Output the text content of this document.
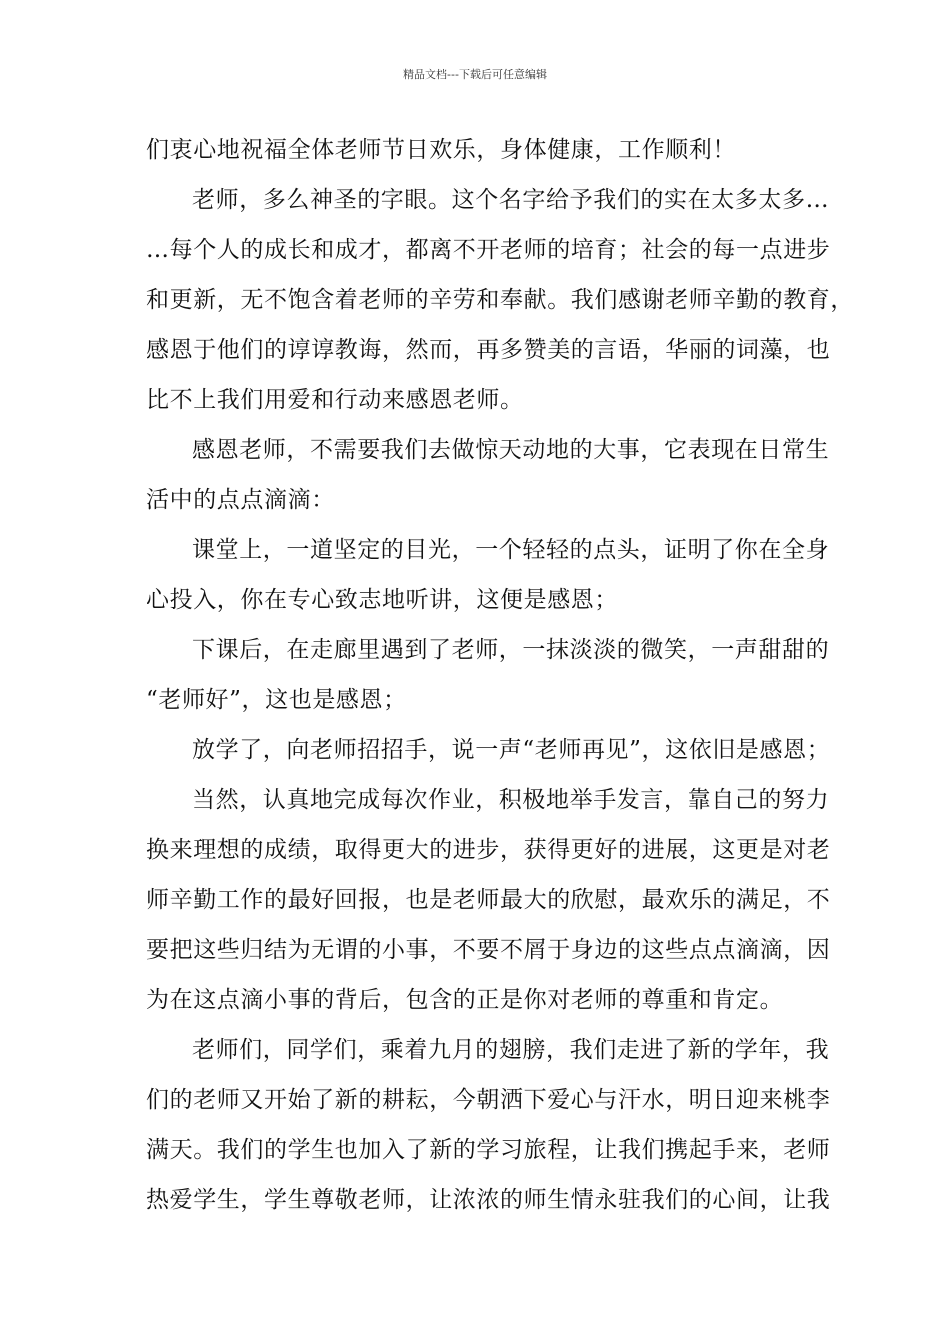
精品文档---下载后可任意编辑
们衷心地祝福全体老师节日欢乐，身体健康，工作顺利！
老师，多么神圣的字眼。这个名字给予我们的实在太多太多…
…每个人的成长和成才，都离不开老师的培育；社会的每一点进步
和更新，无不饱含着老师的辛劳和奉献。我们感谢老师辛勤的教育，
感恩于他们的谆谆教诲，然而，再多赞美的言语，华丽的词藻，也
比不上我们用爱和行动来感恩老师。
感恩老师，不需要我们去做惊天动地的大事，它表现在日常生
活中的点点滴滴：
课堂上，一道坚定的目光，一个轻轻的点头，证明了你在全身
心投入，你在专心致志地听讲，这便是感恩；
下课后，在走廊里遇到了老师，一抹淡淡的微笑，一声甜甜的
“老师好”，这也是感恩；
放学了，向老师招招手，说一声“老师再见”，这依旧是感恩；
当然，认真地完成每次作业，积极地举手发言，靠自己的努力
换来理想的成绩，取得更大的进步，获得更好的进展，这更是对老
师辛勤工作的最好回报，也是老师最大的欣慰，最欢乐的满足，不
要把这些归结为无谓的小事，不要不屑于身边的这些点点滴滴，因
为在这点滴小事的背后，包含的正是你对老师的尊重和肯定。
老师们，同学们，乘着九月的翅膀，我们走进了新的学年，我
们的老师又开始了新的耕耘，今朝洒下爱心与汗水，明日迎来桃李
满天。我们的学生也加入了新的学习旅程，让我们携起手来，老师
热爱学生，学生尊敬老师，让浓浓的师生情永驻我们的心间，让我
